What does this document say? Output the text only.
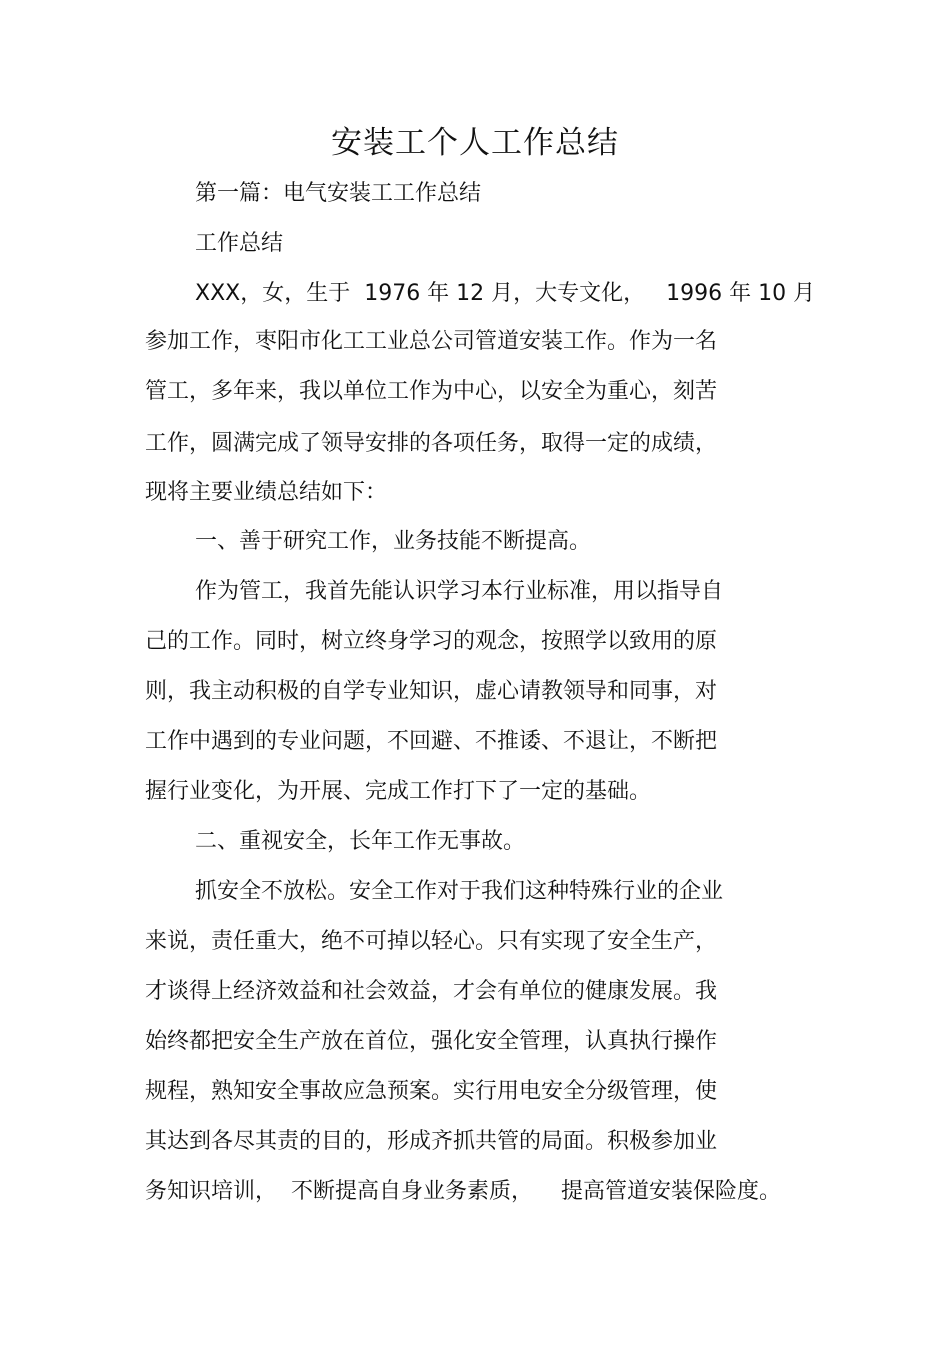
安装工个人工作总结

第一篇：电气安装工工作总结

工作总结

XXX，女，生于  1976 年 12 月，大专文化，   1996 年 10 月

参加工作，枣阳市化工工业总公司管道安装工作。作为一名

管工，多年来，我以单位工作为中心，以安全为重心，刻苦

工作，圆满完成了领导安排的各项任务，取得一定的成绩，

现将主要业绩总结如下：

一、善于研究工作，业务技能不断提高。

作为管工，我首先能认识学习本行业标准，用以指导自

己的工作。同时，树立终身学习的观念，按照学以致用的原

则，我主动积极的自学专业知识，虚心请教领导和同事，对

工作中遇到的专业问题，不回避、不推诿、不退让，不断把

握行业变化，为开展、完成工作打下了一定的基础。

二、重视安全，长年工作无事故。

抓安全不放松。安全工作对于我们这种特殊行业的企业

来说，责任重大，绝不可掉以轻心。只有实现了安全生产，

才谈得上经济效益和社会效益，才会有单位的健康发展。我

始终都把安全生产放在首位，强化安全管理，认真执行操作

规程，熟知安全事故应急预案。实行用电安全分级管理，使

其达到各尽其责的目的，形成齐抓共管的局面。积极参加业

务知识培训，  不断提高自身业务素质，    提高管道安装保险度。
